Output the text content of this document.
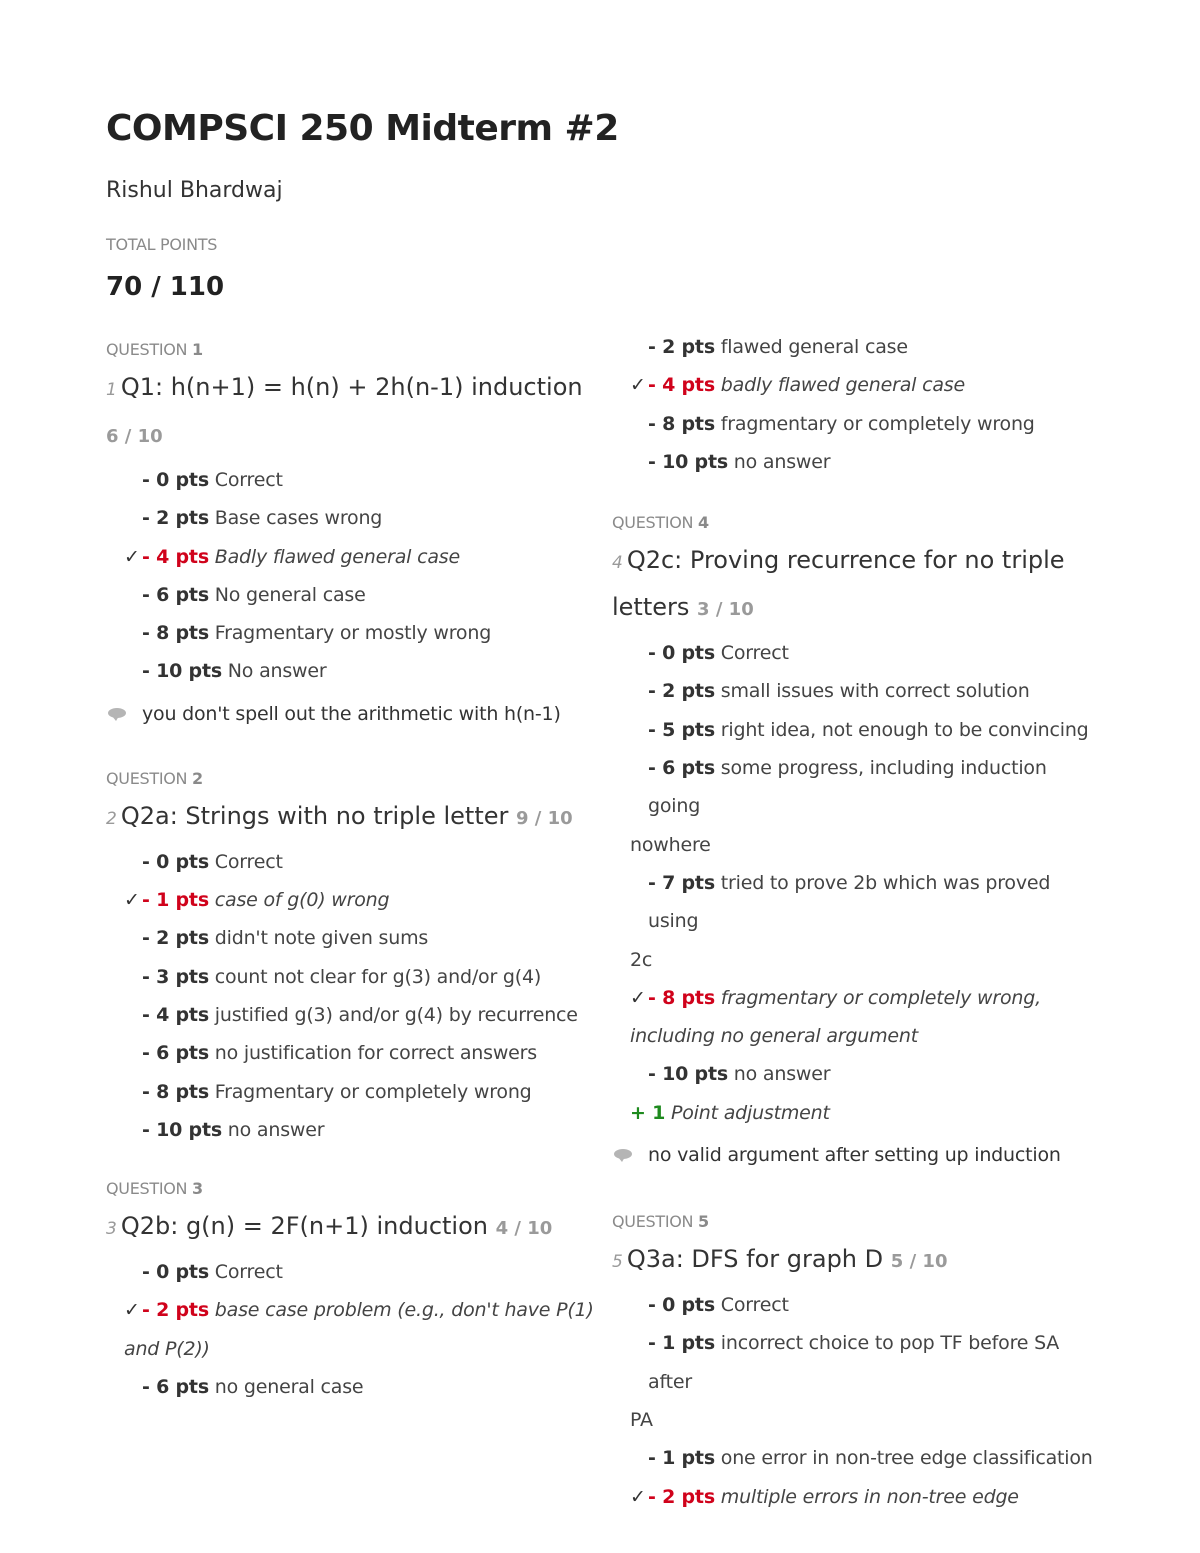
COMPSCI 250 Midterm #2
Rishul Bhardwaj
TOTAL POINTS
70 / 110
QUESTION 1
1 Q1: h(n+1) = h(n) + 2h(n-1) induction 6 / 10
- 0 pts Correct
- 2 pts Base cases wrong
✓ - 4 pts Badly flawed general case
- 6 pts No general case
- 8 pts Fragmentary or mostly wrong
- 10 pts No answer
you don't spell out the arithmetic with h(n-1)
QUESTION 2
2 Q2a: Strings with no triple letter 9 / 10
- 0 pts Correct
✓ - 1 pts case of g(0) wrong
- 2 pts didn't note given sums
- 3 pts count not clear for g(3) and/or g(4)
- 4 pts justified g(3) and/or g(4) by recurrence
- 6 pts no justification for correct answers
- 8 pts Fragmentary or completely wrong
- 10 pts no answer
QUESTION 3
3 Q2b: g(n) = 2F(n+1) induction 4 / 10
- 0 pts Correct
✓ - 2 pts base case problem (e.g., don't have P(1)
and P(2))
- 6 pts no general case
- 2 pts flawed general case
✓ - 4 pts badly flawed general case
- 8 pts fragmentary or completely wrong
- 10 pts no answer
QUESTION 4
4 Q2c: Proving recurrence for no triple
letters 3 / 10
- 0 pts Correct
- 2 pts small issues with correct solution
- 5 pts right idea, not enough to be convincing
- 6 pts some progress, including induction going
nowhere
- 7 pts tried to prove 2b which was proved using
2c
✓ - 8 pts fragmentary or completely wrong,
including no general argument
- 10 pts no answer
+ 1 Point adjustment
no valid argument after setting up induction
QUESTION 5
5 Q3a: DFS for graph D 5 / 10
- 0 pts Correct
- 1 pts incorrect choice to pop TF before SA after
PA
- 1 pts one error in non-tree edge classification
✓ - 2 pts multiple errors in non-tree edge
